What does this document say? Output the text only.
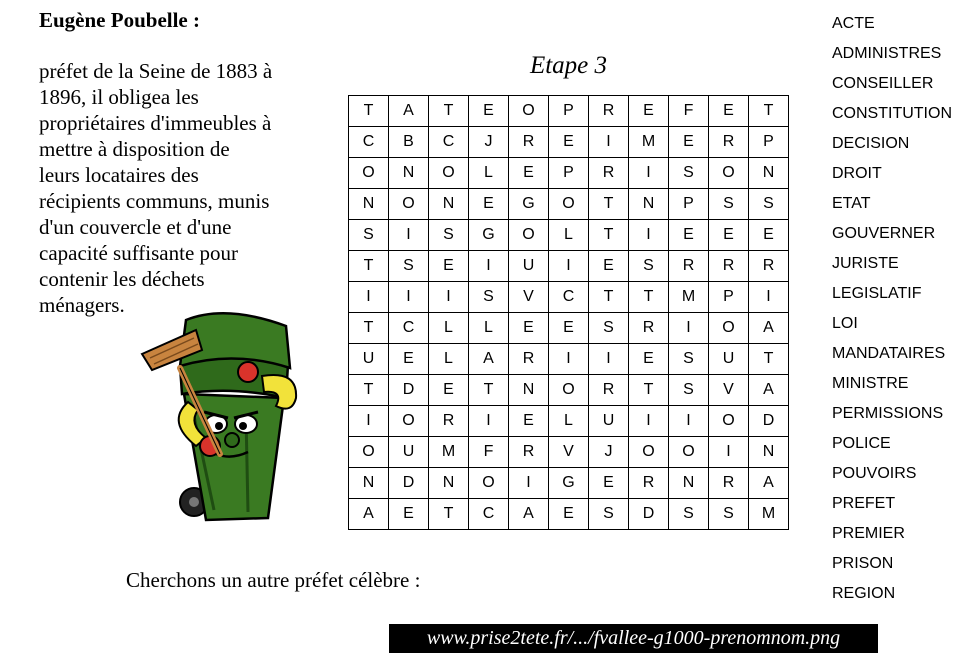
Eugène Poubelle :
préfet de la Seine de 1883 à
1896, il obligea les
propriétaires d'immeubles à
mettre à disposition de
leurs locataires des
récipients communs, munis
d'un couvercle et d'une
capacité suffisante pour
contenir les déchets
ménagers.
Etape 3
T	A	T	E	O	P	R	E	F	E	T
C	B	C	J	R	E	I	M	E	R	P
O	N	O	L	E	P	R	I	S	O	N
N	O	N	E	G	O	T	N	P	S	S
S	I	S	G	O	L	T	I	E	E	E
T	S	E	I	U	I	E	S	R	R	R
I	I	I	S	V	C	T	T	M	P	I
T	C	L	L	E	E	S	R	I	O	A
U	E	L	A	R	I	I	E	S	U	T
T	D	E	T	N	O	R	T	S	V	A
I	O	R	I	E	L	U	I	I	O	D
O	U	M	F	R	V	J	O	O	I	N
N	D	N	O	I	G	E	R	N	R	A
A	E	T	C	A	E	S	D	S	S	M
ACTE
ADMINISTRES
CONSEILLER
CONSTITUTION
DECISION
DROIT
ETAT
GOUVERNER
JURISTE
LEGISLATIF
LOI
MANDATAIRES
MINISTRE
PERMISSIONS
POLICE
POUVOIRS
PREFET
PREMIER
PRISON
REGION
Cherchons un autre préfet célèbre :
www.prise2tete.fr/.../fvallee-g1000-prenomnom.png
